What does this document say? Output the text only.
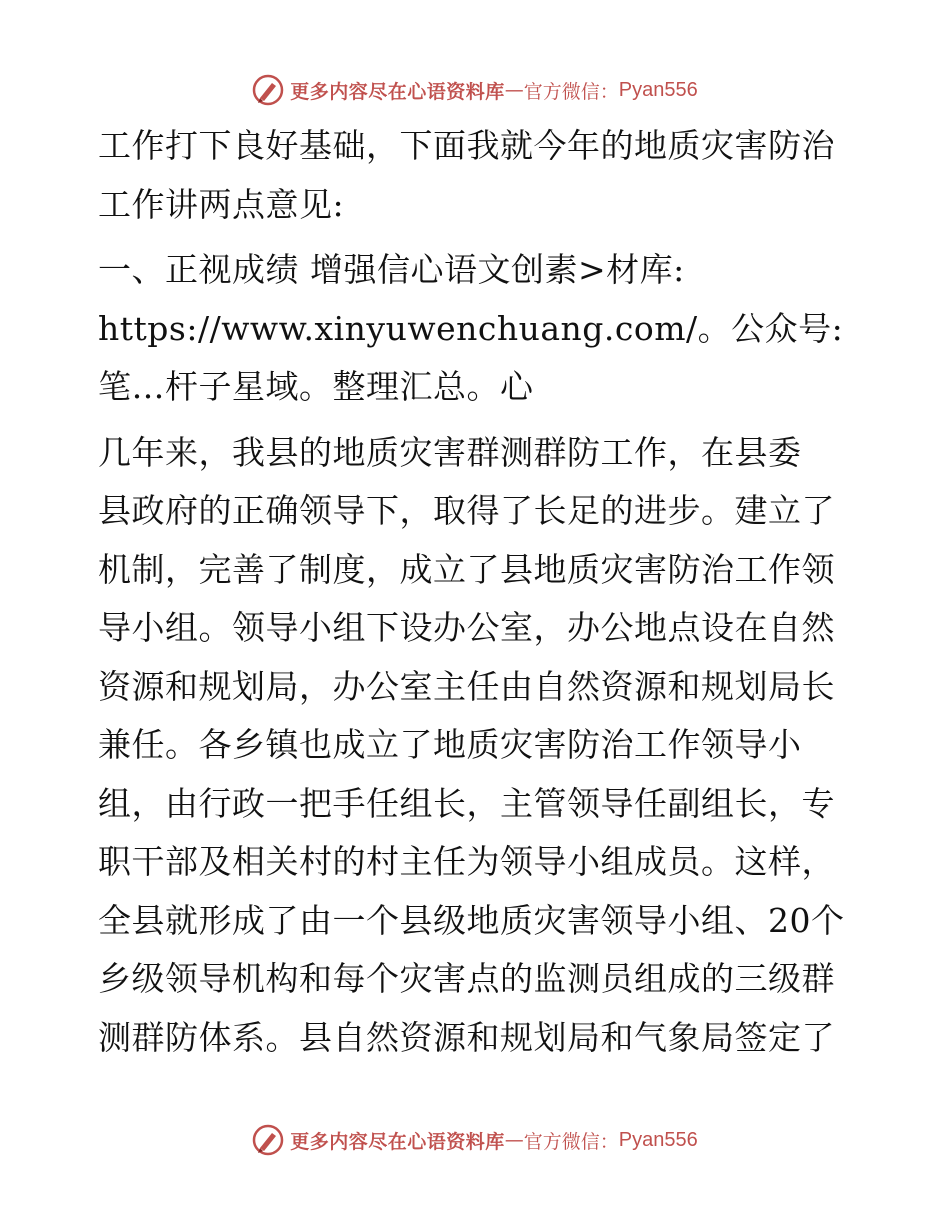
更多内容尽在心语资料库 — 官方微信： Pyan556
工作打下良好基础，下面我就今年的地质灾害防治
工作讲两点意见:
一、正视成绩 增强信心语文创素>材库:
https://www.xinyuwenchuang.com/。公众号:
笔…杆子星域。整理汇总。心
几年来，我县的地质灾害群测群防工作，在县委
县政府的正确领导下，取得了长足的进步。建立了
机制，完善了制度，成立了县地质灾害防治工作领
导小组。领导小组下设办公室，办公地点设在自然
资源和规划局，办公室主任由自然资源和规划局长
兼任。各乡镇也成立了地质灾害防治工作领导小
组，由行政一把手任组长，主管领导任副组长，专
职干部及相关村的村主任为领导小组成员。这样，
全县就形成了由一个县级地质灾害领导小组、20个
乡级领导机构和每个灾害点的监测员组成的三级群
测群防体系。县自然资源和规划局和气象局签定了
更多内容尽在心语资料库 — 官方微信： Pyan556
